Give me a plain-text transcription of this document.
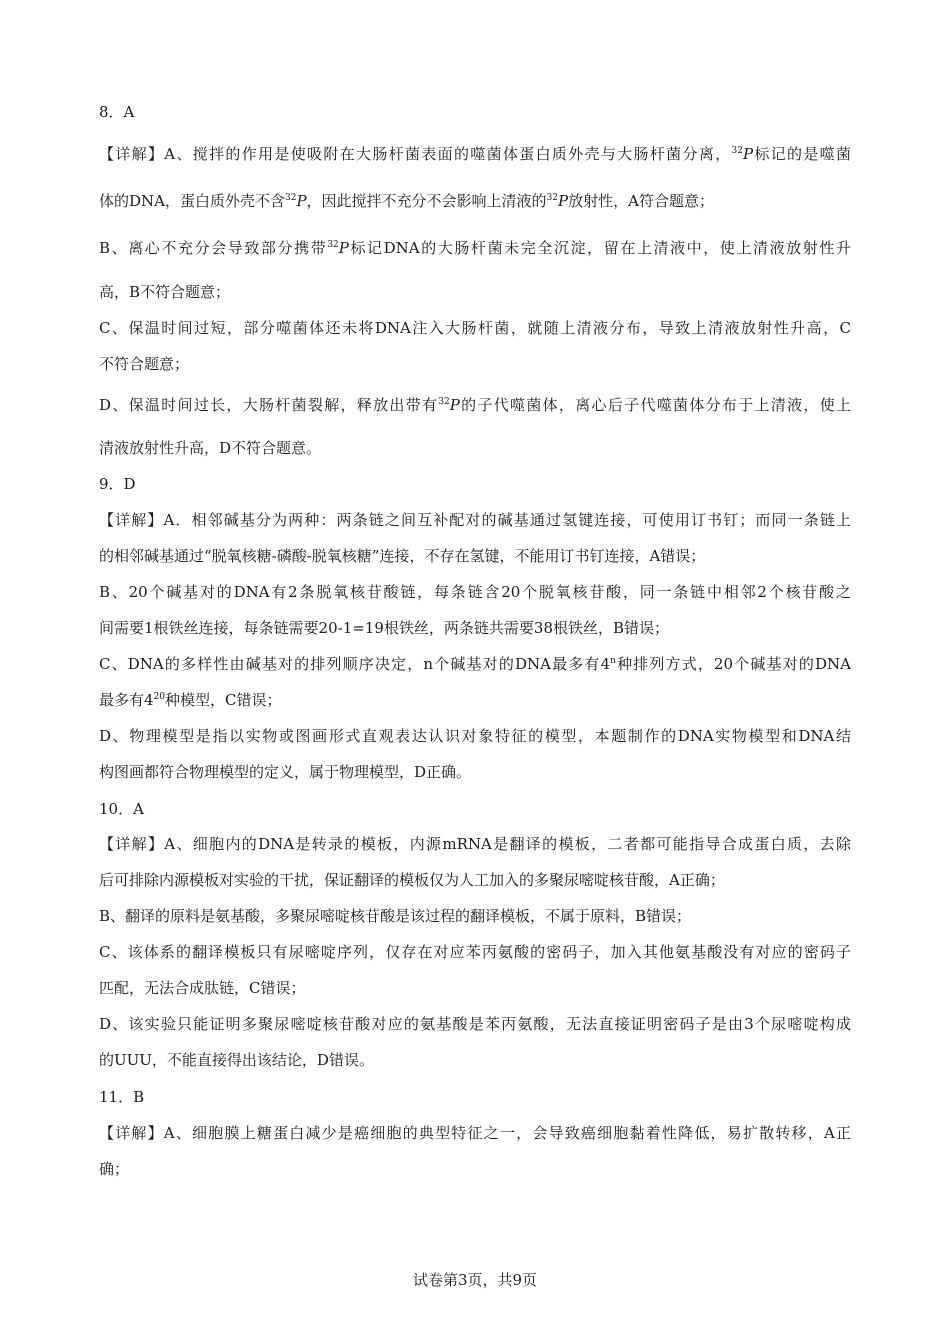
8．A
【详解】A、搅拌的作用是使吸附在大肠杆菌表面的噬菌体蛋白质外壳与大肠杆菌分离，$^{32}$P标记的是噬菌
体的DNA，蛋白质外壳不含$^{32}$P，因此搅拌不充分不会影响上清液的$^{32}$P放射性，A符合题意；
B、离心不充分会导致部分携带$^{32}$P标记DNA的大肠杆菌未完全沉淀，留在上清液中，使上清液放射性升
高，B不符合题意；
C、保温时间过短，部分噬菌体还未将DNA注入大肠杆菌，就随上清液分布，导致上清液放射性升高，C
不符合题意；
D、保温时间过长，大肠杆菌裂解，释放出带有$^{32}$P的子代噬菌体，离心后子代噬菌体分布于上清液，使上
清液放射性升高，D不符合题意。
9．D
【详解】A．相邻碱基分为两种：两条链之间互补配对的碱基通过氢键连接，可使用订书钉；而同一条链上
的相邻碱基通过“脱氧核糖-磷酸-脱氧核糖”连接，不存在氢键，不能用订书钉连接，A错误；
B、20个碱基对的DNA有2条脱氧核苷酸链，每条链含20个脱氧核苷酸，同一条链中相邻2个核苷酸之
间需要1根铁丝连接，每条链需要20-1=19根铁丝，两条链共需要38根铁丝，B错误；
C、DNA的多样性由碱基对的排列顺序决定，n个碱基对的DNA最多有4$^n$种排列方式，20个碱基对的DNA
最多有$4^{20}$种模型，C错误；
D、物理模型是指以实物或图画形式直观表达认识对象特征的模型，本题制作的DNA实物模型和DNA结
构图画都符合物理模型的定义，属于物理模型，D正确。
10．A
【详解】A、细胞内的DNA是转录的模板，内源mRNA是翻译的模板，二者都可能指导合成蛋白质，去除
后可排除内源模板对实验的干扰，保证翻译的模板仅为人工加入的多聚尿嘧啶核苷酸，A正确；
B、翻译的原料是氨基酸，多聚尿嘧啶核苷酸是该过程的翻译模板，不属于原料，B错误；
C、该体系的翻译模板只有尿嘧啶序列，仅存在对应苯丙氨酸的密码子，加入其他氨基酸没有对应的密码子
匹配，无法合成肽链，C错误；
D、该实验只能证明多聚尿嘧啶核苷酸对应的氨基酸是苯丙氨酸，无法直接证明密码子是由3个尿嘧啶构成
的UUU，不能直接得出该结论，D错误。
11．B
【详解】A、细胞膜上糖蛋白减少是癌细胞的典型特征之一，会导致癌细胞黏着性降低，易扩散转移，A正
确；
试卷第3页，共9页
